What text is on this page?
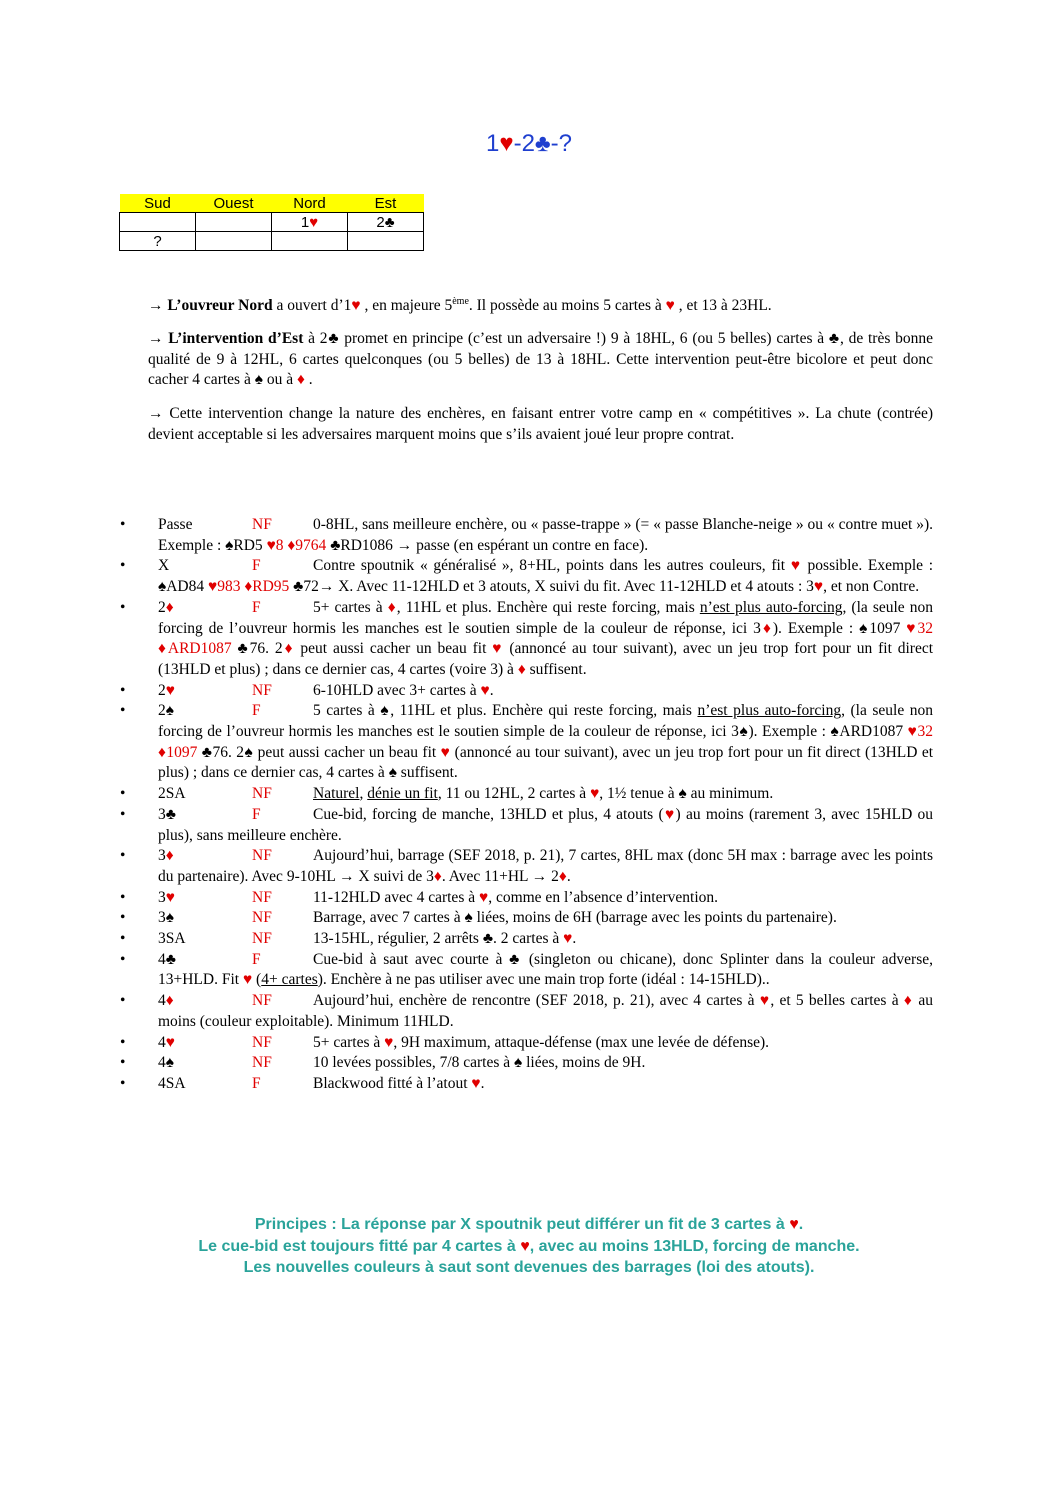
1♥-2♣-?
Sud	Ouest	Nord	Est
		1♥	2♣
?			
→ L’ouvreur Nord a ouvert d’1♥ , en majeure 5ème. Il possède au moins 5 cartes à ♥ , et 13 à 23HL.
→ L’intervention d’Est à 2♣ promet en principe (c’est un adversaire !) 9 à 18HL, 6 (ou 5 belles) cartes à ♣, de très bonne qualité de 9 à 12HL, 6 cartes quelconques (ou 5 belles) de 13 à 18HL. Cette intervention peut-être bicolore et peut donc cacher 4 cartes à ♠ ou à ♦ .
→ Cette intervention change la nature des enchères, en faisant entrer votre camp en « compétitives ». La chute (contrée) devient acceptable si les adversaires marquent moins que s’ils avaient joué leur propre contrat.
• Passe	NF	0-8HL, sans meilleure enchère, ou « passe-trappe » (= « passe Blanche-neige » ou « contre muet »). Exemple : ♠RD5 ♥8 ♦9764 ♣RD1086 → passe (en espérant un contre en face).
• X	F	Contre spoutnik « généralisé », 8+HL, points dans les autres couleurs, fit ♥ possible. Exemple : ♠AD84 ♥983 ♦RD95 ♣72→ X. Avec 11-12HLD et 3 atouts, X suivi du fit. Avec 11-12HLD et 4 atouts : 3♥, et non Contre.
• 2♦	F	5+ cartes à ♦, 11HL et plus. Enchère qui reste forcing, mais n’est plus auto-forcing, (la seule non forcing de l’ouvreur hormis les manches est le soutien simple de la couleur de réponse, ici 3♦). Exemple : ♠1097 ♥32 ♦ARD1087 ♣76. 2♦ peut aussi cacher un beau fit ♥ (annoncé au tour suivant), avec un jeu trop fort pour un fit direct (13HLD et plus) ; dans ce dernier cas, 4 cartes (voire 3) à ♦ suffisent.
• 2♥	NF	6-10HLD avec 3+ cartes à ♥.
• 2♠	F	5 cartes à ♠, 11HL et plus. Enchère qui reste forcing, mais n’est plus auto-forcing, (la seule non forcing de l’ouvreur hormis les manches est le soutien simple de la couleur de réponse, ici 3♠). Exemple : ♠ARD1087 ♥32 ♦1097 ♣76. 2♠ peut aussi cacher un beau fit ♥ (annoncé au tour suivant), avec un jeu trop fort pour un fit direct (13HLD et plus) ; dans ce dernier cas, 4 cartes à ♠ suffisent.
• 2SA	NF	Naturel, dénie un fit, 11 ou 12HL, 2 cartes à ♥, 1½ tenue à ♠ au minimum.
• 3♣	F	Cue-bid, forcing de manche, 13HLD et plus, 4 atouts (♥) au moins (rarement 3, avec 15HLD ou plus), sans meilleure enchère.
• 3♦	NF	Aujourd’hui, barrage (SEF 2018, p. 21), 7 cartes, 8HL max (donc 5H max : barrage avec les points du partenaire). Avec 9-10HL → X suivi de 3♦. Avec 11+HL → 2♦.
• 3♥	NF	11-12HLD avec 4 cartes à ♥, comme en l’absence d’intervention.
• 3♠	NF	Barrage, avec 7 cartes à ♠ liées, moins de 6H (barrage avec les points du partenaire).
• 3SA	NF	13-15HL, régulier, 2 arrêts ♣. 2 cartes à ♥.
• 4♣	F	Cue-bid à saut avec courte à ♣ (singleton ou chicane), donc Splinter dans la couleur adverse, 13+HLD. Fit ♥ (4+ cartes). Enchère à ne pas utiliser avec une main trop forte (idéal : 14-15HLD)..
• 4♦	NF	Aujourd’hui, enchère de rencontre (SEF 2018, p. 21), avec 4 cartes à ♥, et 5 belles cartes à ♦ au moins (couleur exploitable). Minimum 11HLD.
• 4♥	NF	5+ cartes à ♥, 9H maximum, attaque-défense (max une levée de défense).
• 4♠	NF	10 levées possibles, 7/8 cartes à ♠ liées, moins de 9H.
• 4SA	F	Blackwood fitté à l’atout ♥.
Principes : La réponse par X spoutnik peut différer un fit de 3 cartes à ♥.
Le cue-bid est toujours fitté par 4 cartes à ♥, avec au moins 13HLD, forcing de manche.
Les nouvelles couleurs à saut sont devenues des barrages (loi des atouts).
